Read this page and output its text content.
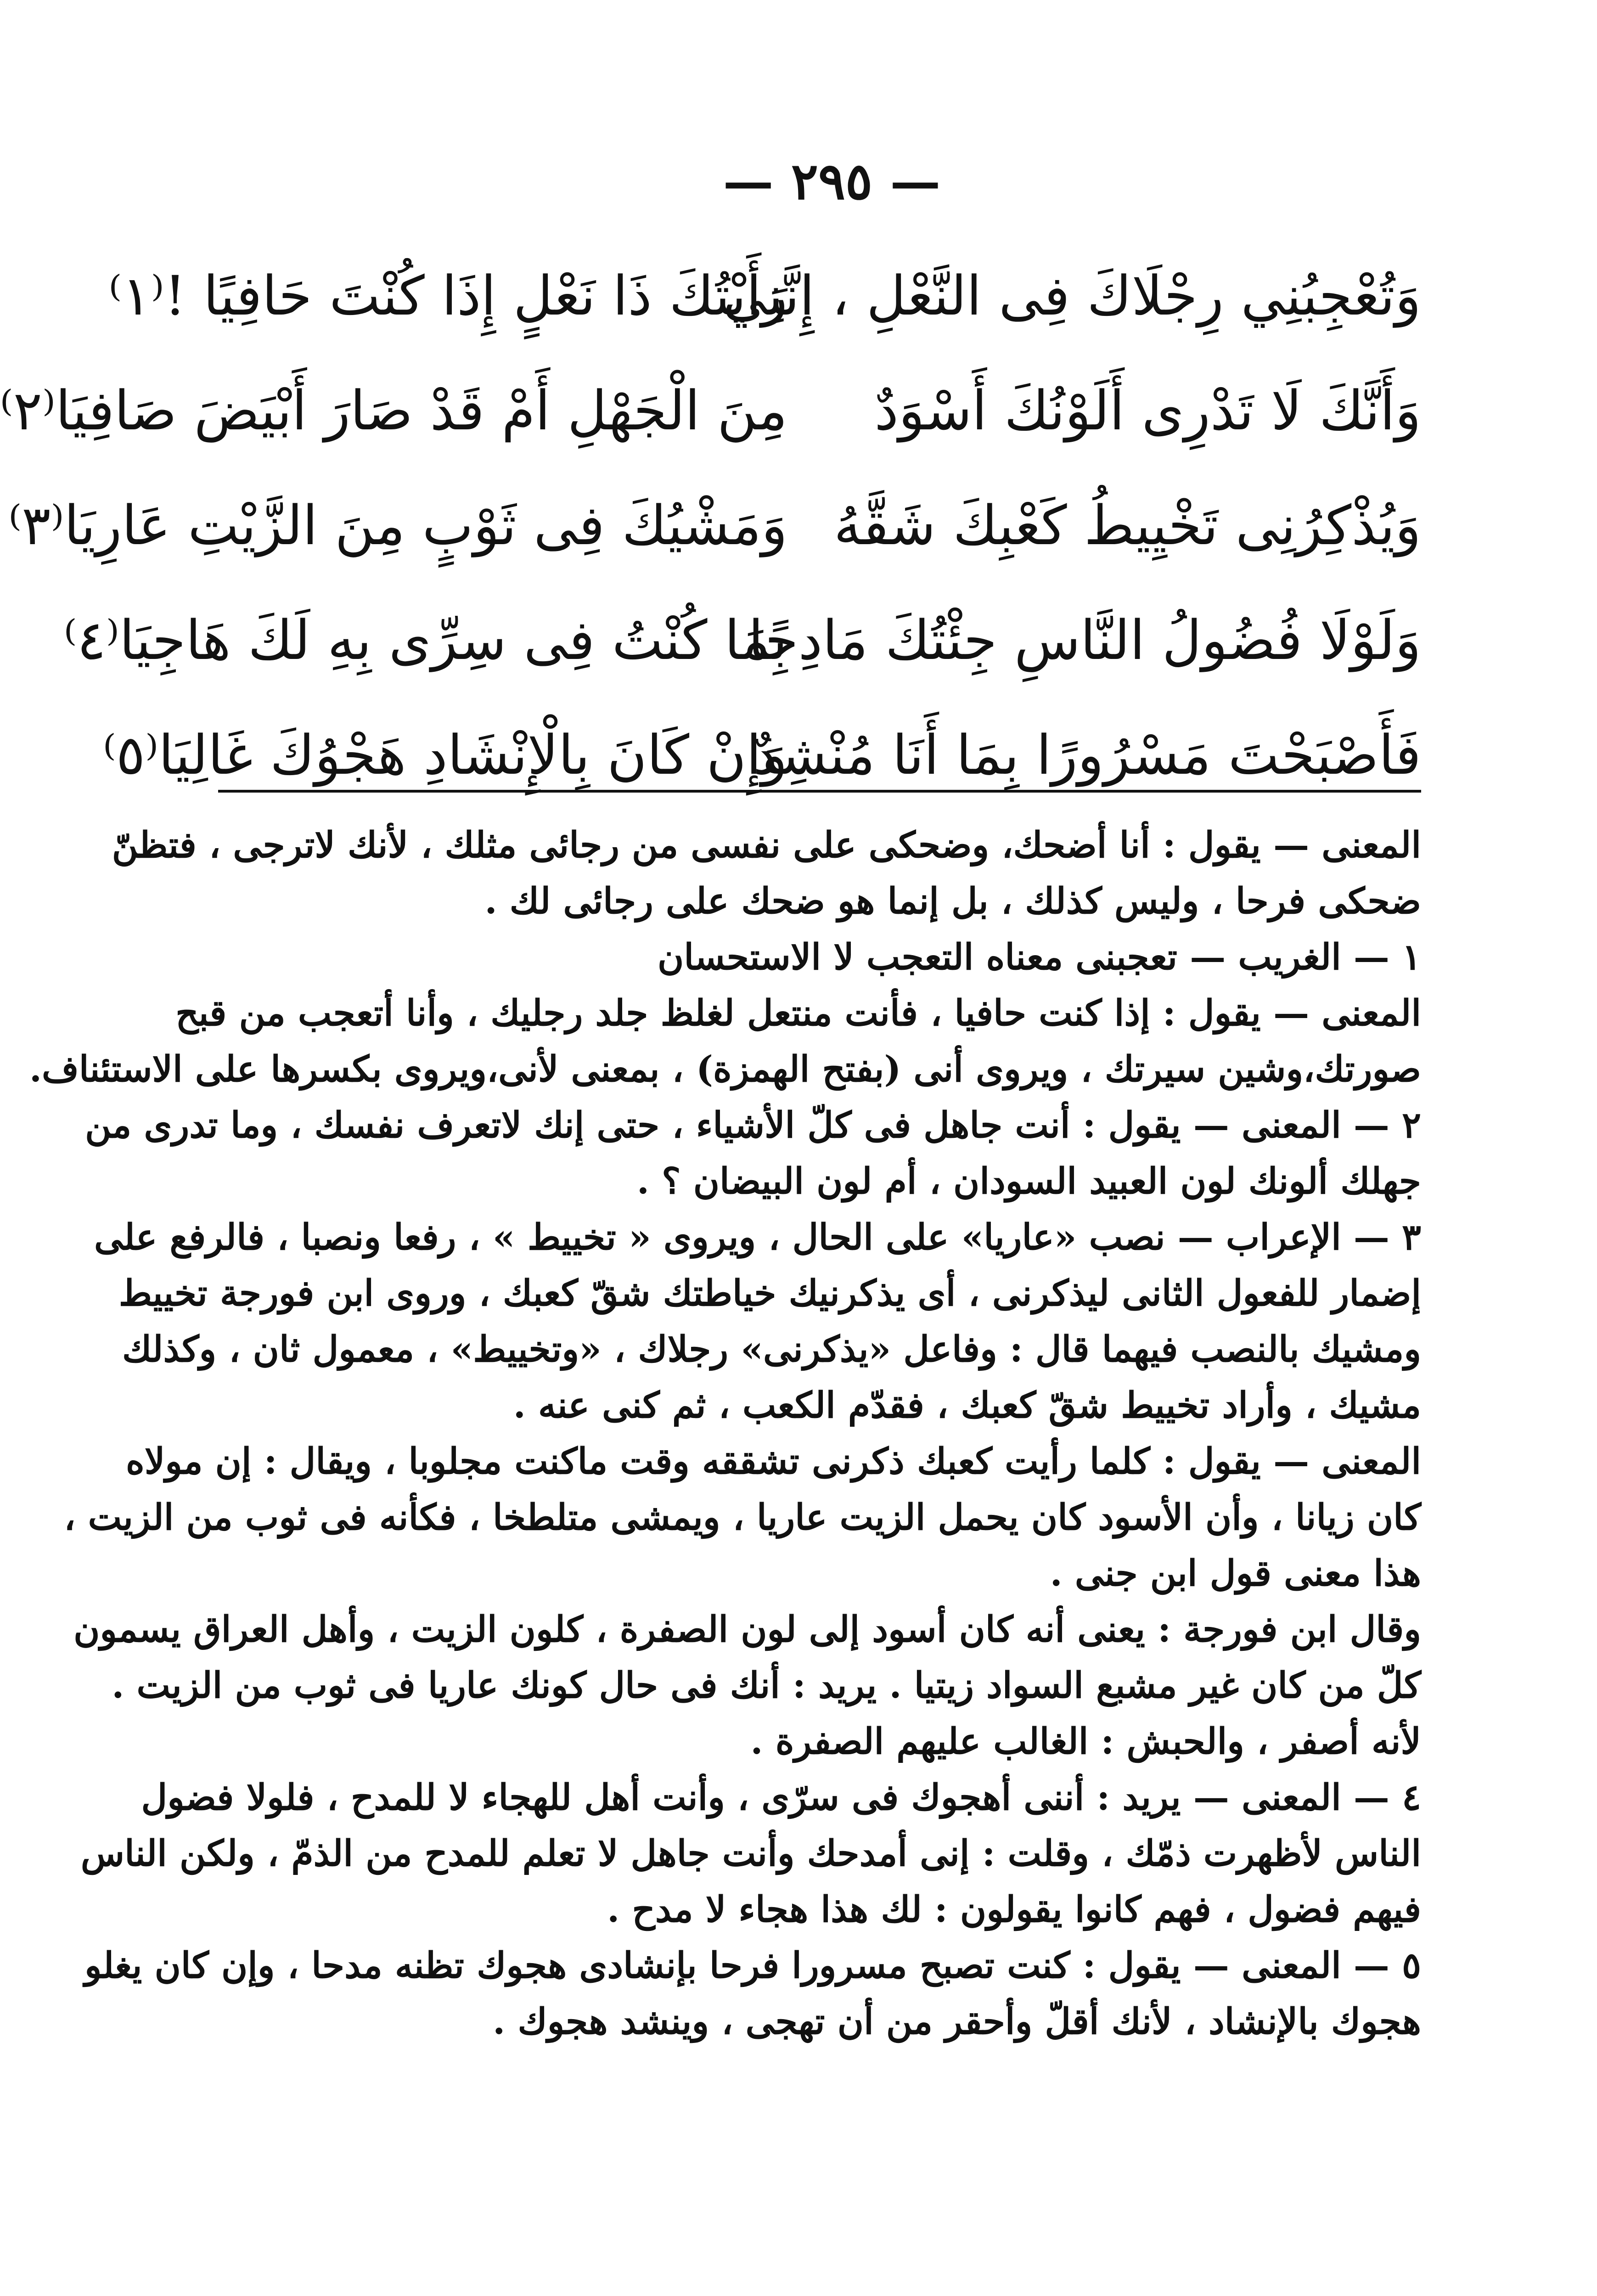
— ٢٩٥ —
وَتُعْجِبُنِي رِجْلَاكَ فِى النَّعْلِ ، إِنَّنِي
رَأَيْتُكَ ذَا نَعْلٍ إِذَا كُنْتَ حَافِيًا !⁽١⁾
وَأَنَّكَ لَا تَدْرِى أَلَوْنُكَ أَسْوَدٌ
مِنَ الْجَهْلِ أَمْ قَدْ صَارَ أَبْيَضَ صَافِيَا⁽٢⁾
وَيُذْكِرُنِى تَخْيِيطُ كَعْبِكَ شَقَّهُ
وَمَشْيُكَ فِى ثَوْبٍ مِنَ الزَّيْتِ عَارِيَا⁽٣⁾
وَلَوْلَا فُضُولُ النَّاسِ جِئْتُكَ مَادِحًا
بِمَا كُنْتُ فِى سِرِّى بِهِ لَكَ هَاجِيَا⁽٤⁾
فَأَصْبَحْتَ مَسْرُورًا بِمَا أَنَا مُنْشِدٌ
وَإِنْ كَانَ بِالْإِنْشَادِ هَجْوُكَ غَالِيَا⁽٥⁾
المعنى — يقول : أنا أضحك، وضحكى على نفسى من رجائى مثلك ، لأنك لاترجى ، فتظنّ
ضحكى فرحا ، وليس كذلك ، بل إنما هو ضحك على رجائى لك .
١ — الغريب — تعجبنى معناه التعجب لا الاستحسان
المعنى — يقول : إذا كنت حافيا ، فأنت منتعل لغلظ جلد رجليك ، وأنا أتعجب من قبح
صورتك،وشين سيرتك ، ويروى أنى (بفتح الهمزة) ، بمعنى لأنى،ويروى بكسرها على الاستئناف.
٢ — المعنى — يقول : أنت جاهل فى كلّ الأشياء ، حتى إنك لاتعرف نفسك ، وما تدرى من
جهلك ألونك لون العبيد السودان ، أم لون البيضان ؟ .
٣ — الإعراب — نصب «عاريا» على الحال ، ويروى « تخييط » ، رفعا ونصبا ، فالرفع على
إضمار للفعول الثانى ليذكرنى ، أى يذكرنيك خياطتك شقّ كعبك ، وروى ابن فورجة تخييط
ومشيك بالنصب فيهما قال : وفاعل «يذكرنى» رجلاك ، «وتخييط» ، معمول ثان ، وكذلك
مشيك ، وأراد تخييط شقّ كعبك ، فقدّم الكعب ، ثم كنى عنه .
المعنى — يقول : كلما رأيت كعبك ذكرنى تشققه وقت ماكنت مجلوبا ، ويقال : إن مولاه
كان زيانا ، وأن الأسود كان يحمل الزيت عاريا ، ويمشى متلطخا ، فكأنه فى ثوب من الزيت ،
هذا معنى قول ابن جنى .
وقال ابن فورجة : يعنى أنه كان أسود إلى لون الصفرة ، كلون الزيت ، وأهل العراق يسمون
كلّ من كان غير مشبع السواد زيتيا . يريد : أنك فى حال كونك عاريا فى ثوب من الزيت .
لأنه أصفر ، والحبش : الغالب عليهم الصفرة .
٤ — المعنى — يريد : أننى أهجوك فى سرّى ، وأنت أهل للهجاء لا للمدح ، فلولا فضول
الناس لأظهرت ذمّك ، وقلت : إنى أمدحك وأنت جاهل لا تعلم للمدح من الذمّ ، ولكن الناس
فيهم فضول ، فهم كانوا يقولون : لك هذا هجاء لا مدح .
٥ — المعنى — يقول : كنت تصبح مسرورا فرحا بإنشادى هجوك تظنه مدحا ، وإن كان يغلو
هجوك بالإنشاد ، لأنك أقلّ وأحقر من أن تهجى ، وينشد هجوك .
